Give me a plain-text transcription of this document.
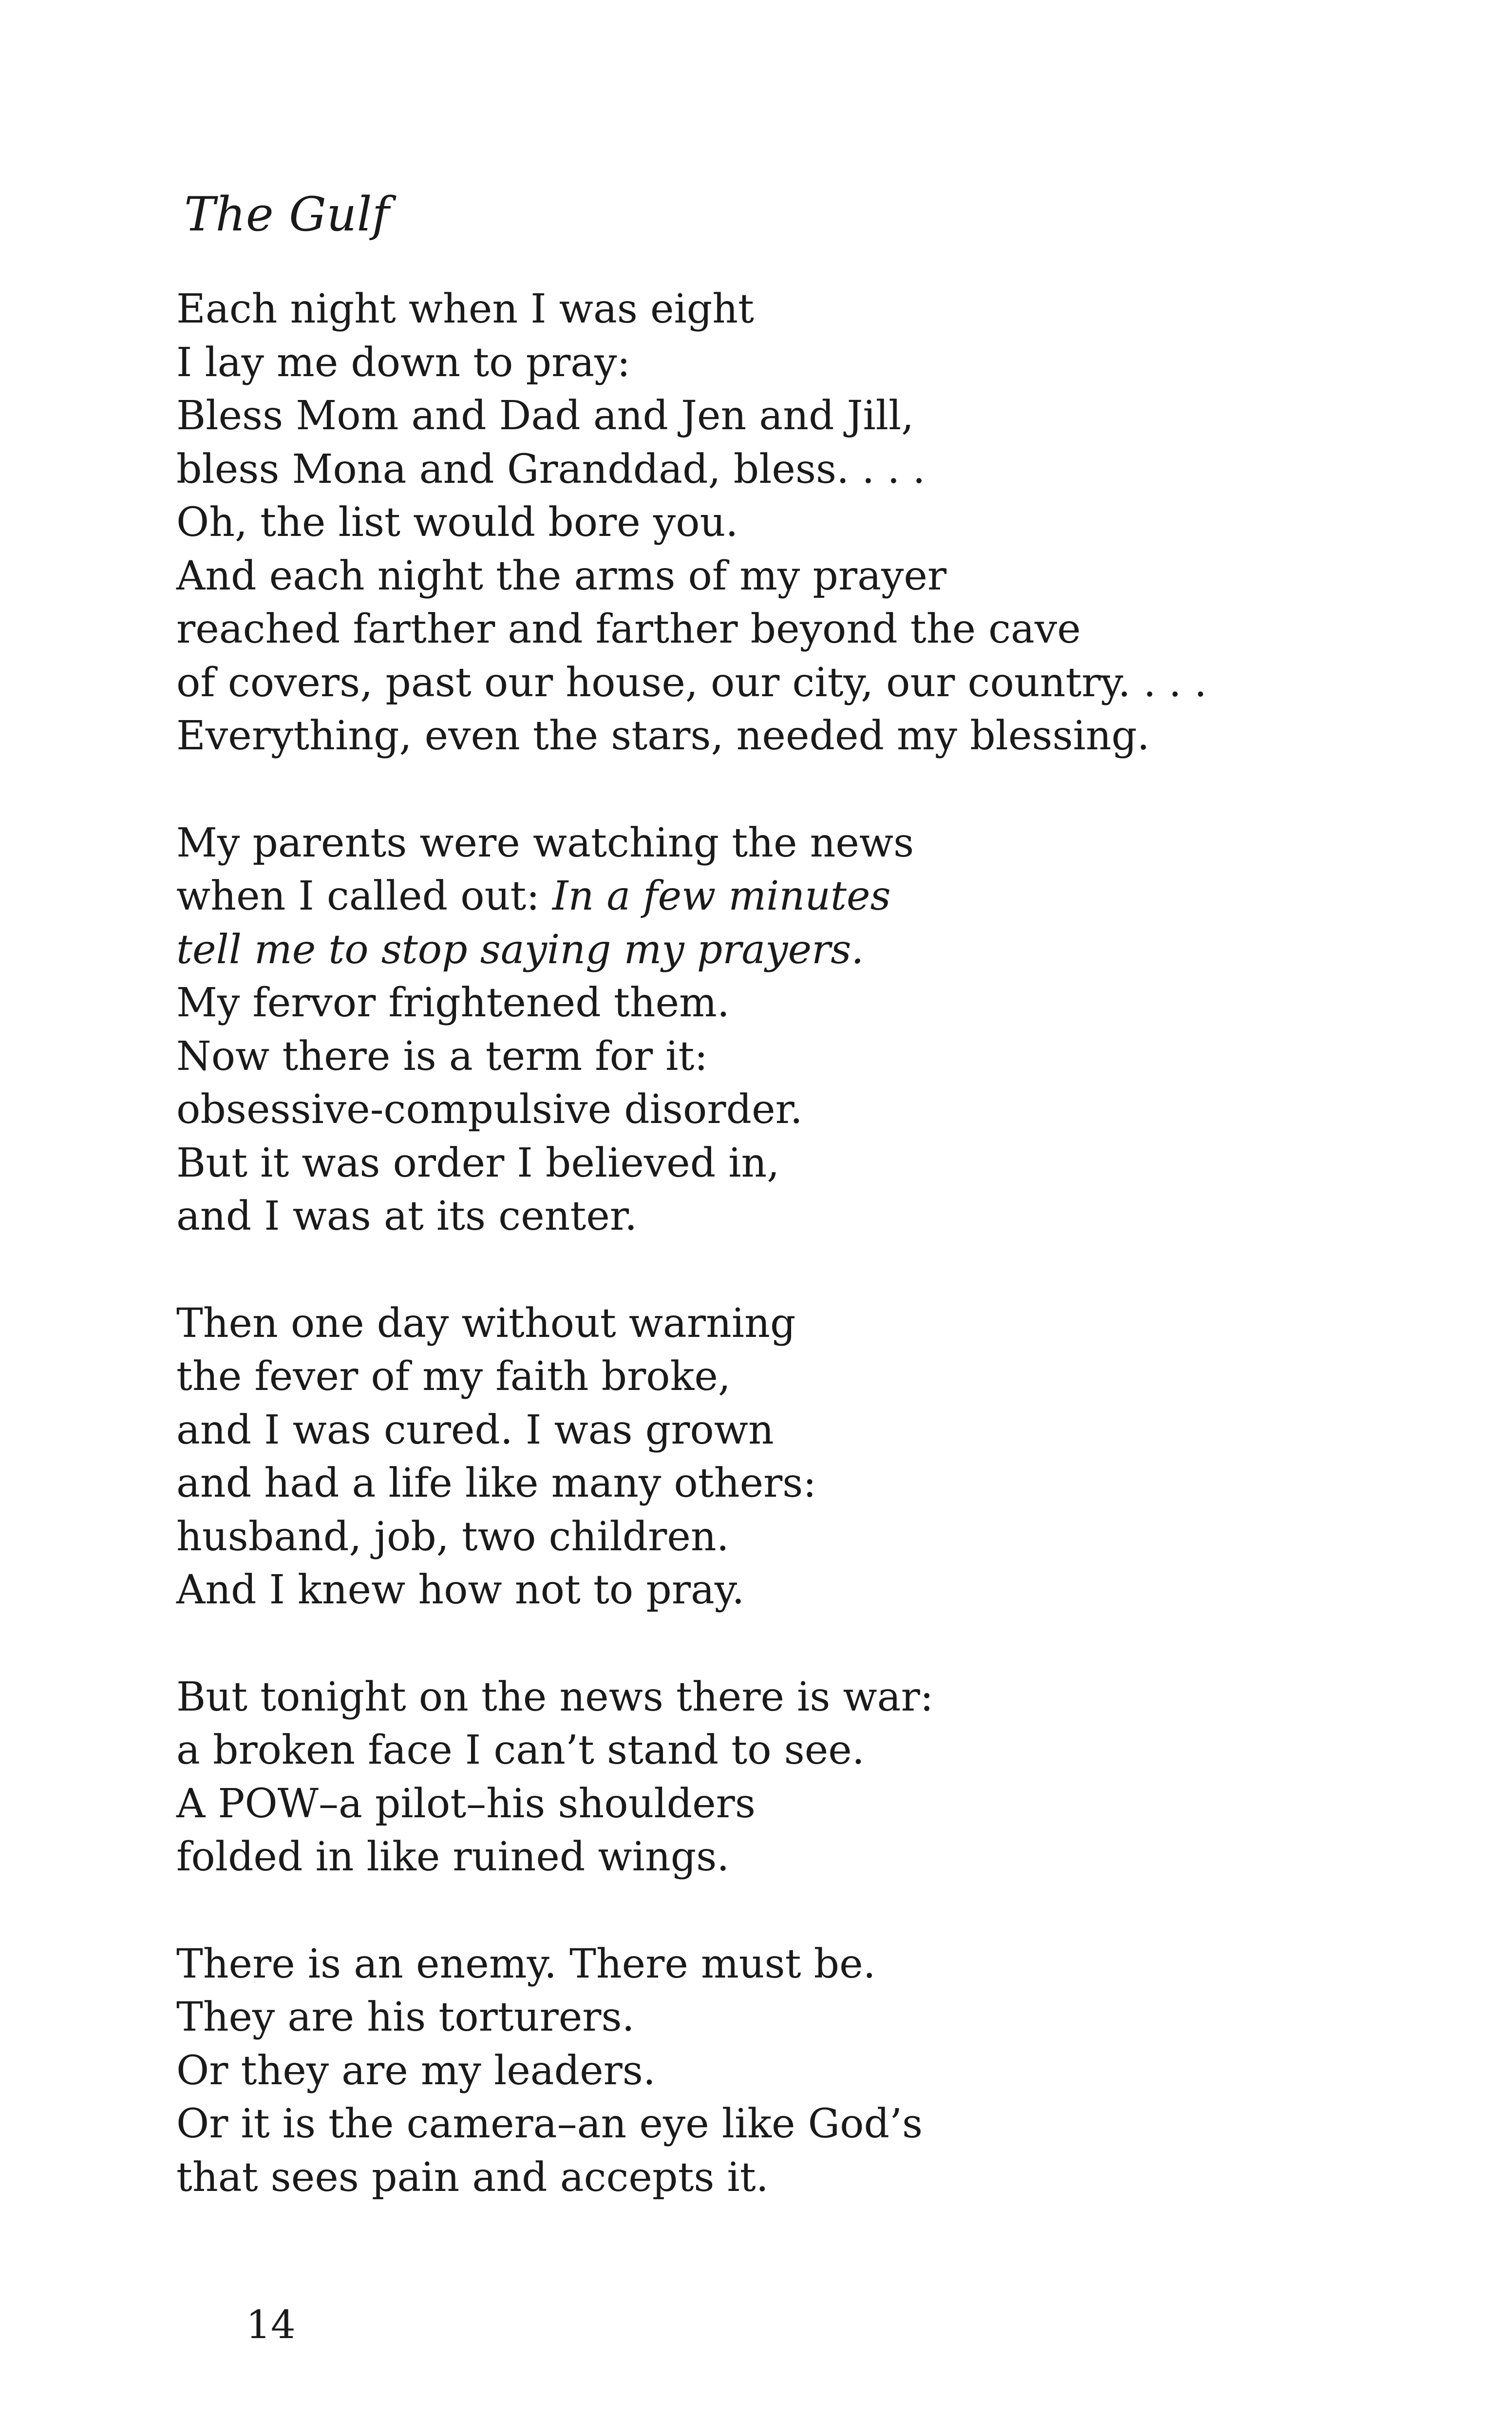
The Gulf
Each night when I was eight
I lay me down to pray:
Bless Mom and Dad and Jen and Jill,
bless Mona and Granddad, bless. . . .
Oh, the list would bore you.
And each night the arms of my prayer
reached farther and farther beyond the cave
of covers, past our house, our city, our country. . . .
Everything, even the stars, needed my blessing.
My parents were watching the news
when I called out: In a few minutes
tell me to stop saying my prayers.
My fervor frightened them.
Now there is a term for it:
obsessive-compulsive disorder.
But it was order I believed in,
and I was at its center.
Then one day without warning
the fever of my faith broke,
and I was cured. I was grown
and had a life like many others:
husband, job, two children.
And I knew how not to pray.
But tonight on the news there is war:
a broken face I can’t stand to see.
A POW–a pilot–his shoulders
folded in like ruined wings.
There is an enemy. There must be.
They are his torturers.
Or they are my leaders.
Or it is the camera–an eye like God’s
that sees pain and accepts it.
14
